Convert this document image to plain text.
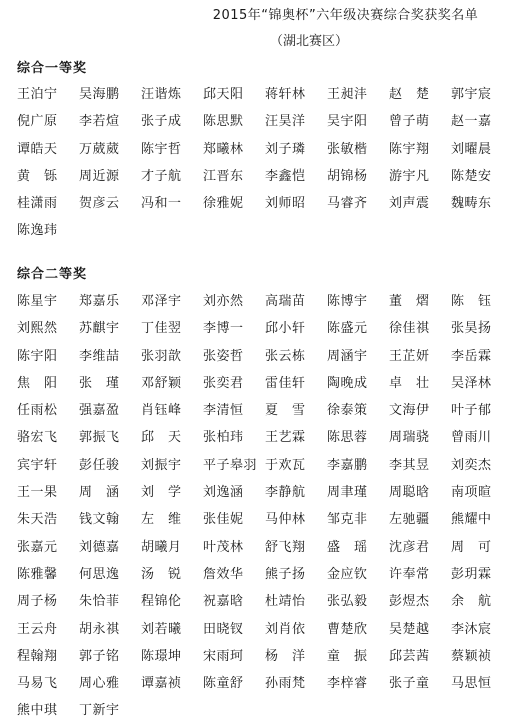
2015年“锦奥杯”六年级决赛综合奖获奖名单
（湖北赛区）
综合一等奖
王泊宁 吴海鹏 汪谐炼 邱天阳 蒋轩林 王昶沣 赵　楚 郭宇宸
倪广原 李若煊 张子成 陈思默 汪昊洋 吴宇阳 曾子萌 赵一嘉
谭皓天 万葳葳 陈宇哲 郑曦林 刘子璘 张敏楷 陈宇翔 刘曜晨
黄　铄 周近源 才子航 江晋东 李鑫恺 胡锦杨 游宇凡 陈楚安
桂潇雨 贺彦云 冯和一 徐雅妮 刘师昭 马睿齐 刘声震 魏畴东
陈逸玮
综合二等奖
陈星宇 郑嘉乐 邓泽宇 刘亦然 高瑞苗 陈博宇 董　熠 陈　钰
刘熙然 苏麒宇 丁佳翌 李博一 邱小轩 陈盛元 徐佳祺 张昊扬
陈宇阳 李维喆 张羽歆 张姿哲 张云栋 周涵宇 王芷妍 李岳霖
焦　阳 张　瑾 邓舒颖 张奕君 雷佳轩 陶晚成 卓　壮 吴泽林
任雨松 强嘉盈 肖钰峰 李清恒 夏　雪 徐泰策 文海伊 叶子郁
骆宏飞 郭振飞 邱　天 张柏玮 王艺霖 陈思蓉 周瑞骁 曾雨川
宾宇轩 彭任骏 刘振宇 平子皋羽 于欢瓦 李嘉鹏 李其昱 刘奕杰
王一果 周　涵 刘　学 刘逸涵 李静航 周聿瑾 周聪晗 南项暄
朱天浩 钱文翰 左　维 张佳妮 马仲林 邹克非 左驰疆 熊耀中
张嘉元 刘德嘉 胡曦月 叶茂林 舒飞翔 盛　瑶 沈彦君 周　可
陈雅馨 何思逸 汤　锐 詹效华 熊子扬 金应钦 许奉常 彭玥霖
周子杨 朱恰菲 程锦伦 祝嘉晗 杜靖怡 张弘毅 彭煜杰 余　航
王云舟 胡永祺 刘若曦 田晓钗 刘肖依 曹楚欣 吴楚越 李沐宸
程翰翔 郭子铭 陈璟坤 宋雨珂 杨　洋 童　振 邱芸茜 蔡颖祯
马易飞 周心雅 谭嘉祯 陈童舒 孙雨梵 李梓睿 张子童 马思恒
熊中琪 丁新宇
